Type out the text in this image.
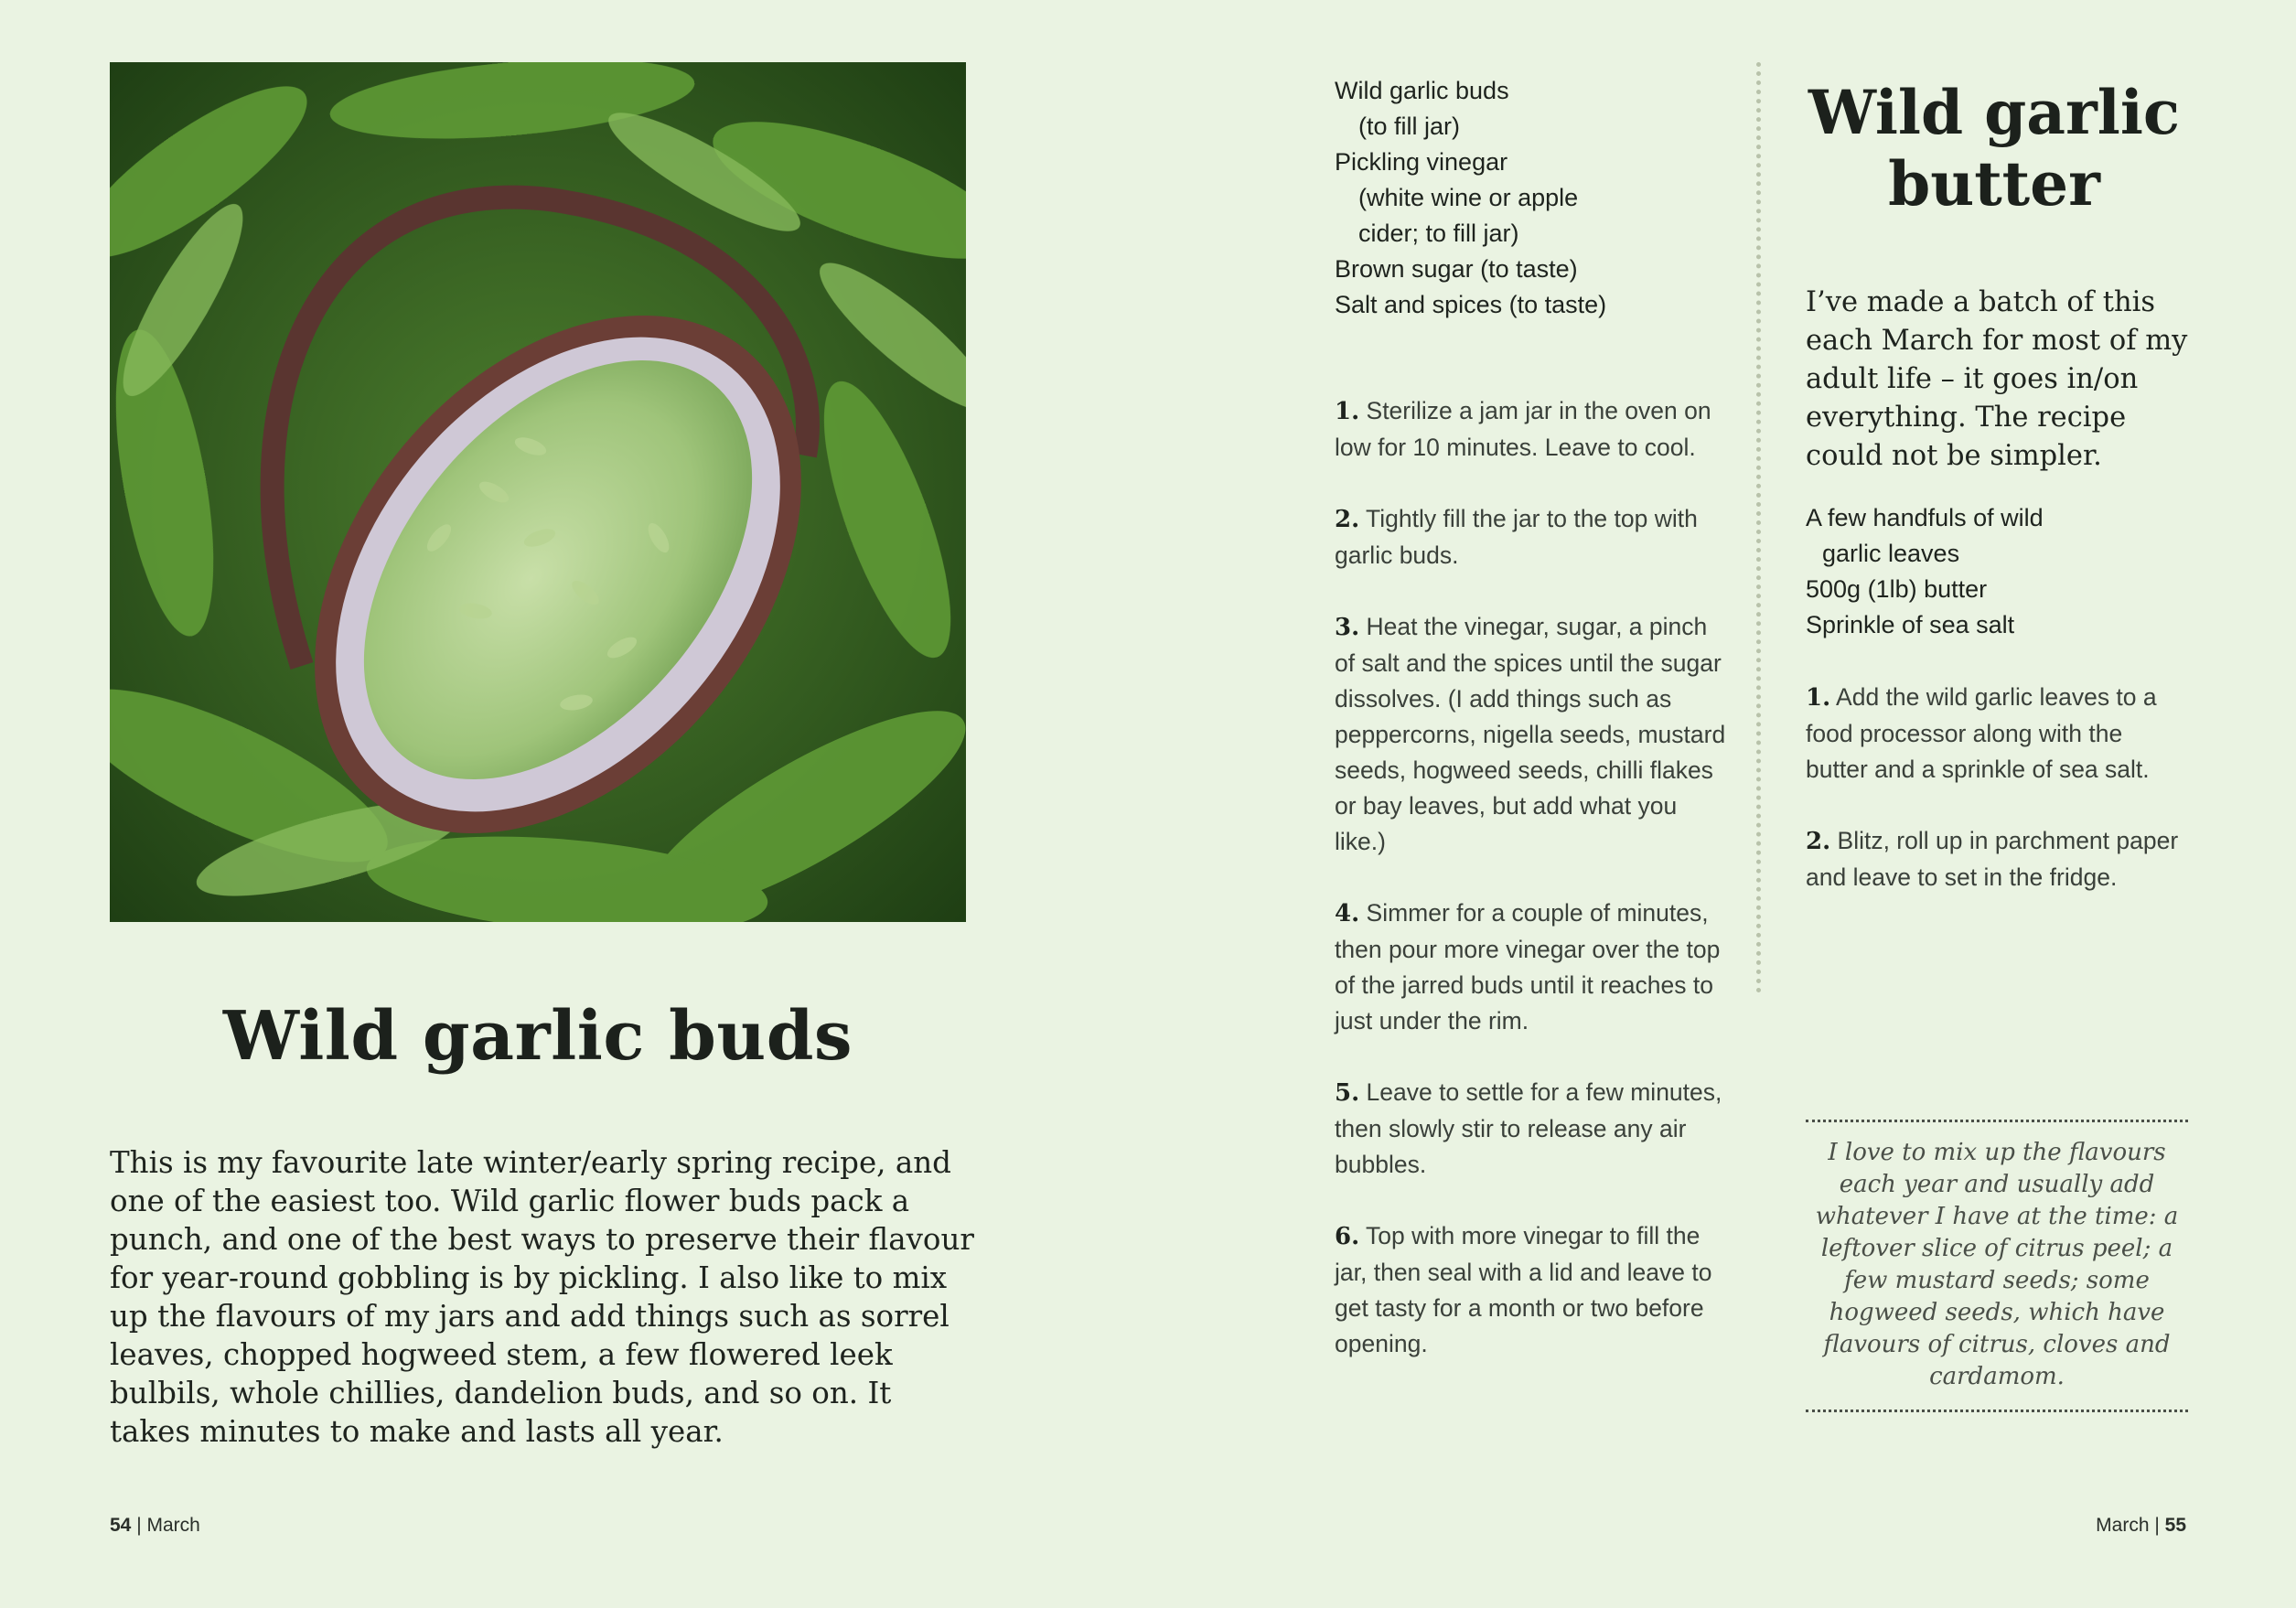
Wild garlic buds
This is my favourite late winter/early spring recipe, and one of the easiest too. Wild garlic flower buds pack a punch, and one of the best ways to preserve their flavour for year-round gobbling is by pickling. I also like to mix up the flavours of my jars and add things such as sorrel leaves, chopped hogweed stem, a few flowered leek bulbils, whole chillies, dandelion buds, and so on. It takes minutes to make and lasts all year.
Wild garlic buds
(to fill jar)
Pickling vinegar
(white wine or apple
cider; to fill jar)
Brown sugar (to taste)
Salt and spices (to taste)
1. Sterilize a jam jar in the oven on low for 10 minutes. Leave to cool.
2. Tightly fill the jar to the top with garlic buds.
3. Heat the vinegar, sugar, a pinch of salt and the spices until the sugar dissolves. (I add things such as peppercorns, nigella seeds, mustard seeds, hogweed seeds, chilli flakes or bay leaves, but add what you like.)
4. Simmer for a couple of minutes, then pour more vinegar over the top of the jarred buds until it reaches to just under the rim.
5. Leave to settle for a few minutes, then slowly stir to release any air bubbles.
6. Top with more vinegar to fill the jar, then seal with a lid and leave to get tasty for a month or two before opening.
Wild garlic
butter
I’ve made a batch of this each March for most of my adult life – it goes in/on everything. The recipe could not be simpler.
A few handfuls of wild
garlic leaves
500g (1lb) butter
Sprinkle of sea salt
1. Add the wild garlic leaves to a food processor along with the butter and a sprinkle of sea salt.
2. Blitz, roll up in parchment paper and leave to set in the fridge.
I love to mix up the flavours each year and usually add whatever I have at the time: a leftover slice of citrus peel; a few mustard seeds; some hogweed seeds, which have flavours of citrus, cloves and cardamom.
54 | March	March | 55
